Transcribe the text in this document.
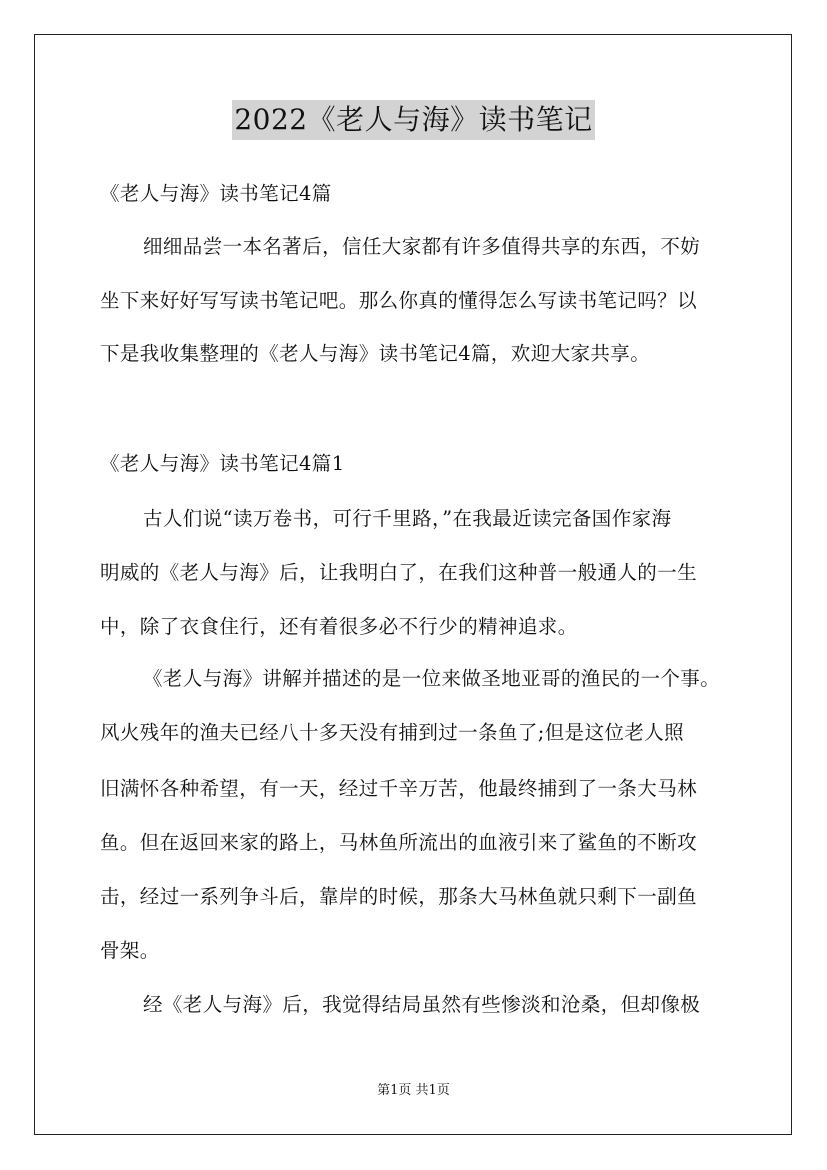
2022《老人与海》读书笔记
《老人与海》读书笔记4篇
细细品尝一本名著后，信任大家都有许多值得共享的东西，不妨
坐下来好好写写读书笔记吧。那么你真的懂得怎么写读书笔记吗？以
下是我收集整理的《老人与海》读书笔记4篇，欢迎大家共享。
《老人与海》读书笔记4篇1
古人们说“读万卷书，可行千里路，”在我最近读完备国作家海
明威的《老人与海》后，让我明白了，在我们这种普一般通人的一生
中，除了衣食住行，还有着很多必不行少的精神追求。
《老人与海》讲解并描述的是一位来做圣地亚哥的渔民的一个事。
风火残年的渔夫已经八十多天没有捕到过一条鱼了;但是这位老人照
旧满怀各种希望，有一天，经过千辛万苦，他最终捕到了一条大马林
鱼。但在返回来家的路上，马林鱼所流出的血液引来了鲨鱼的不断攻
击，经过一系列争斗后，靠岸的时候，那条大马林鱼就只剩下一副鱼
骨架。
经《老人与海》后，我觉得结局虽然有些惨淡和沧桑，但却像极
第1页 共1页
